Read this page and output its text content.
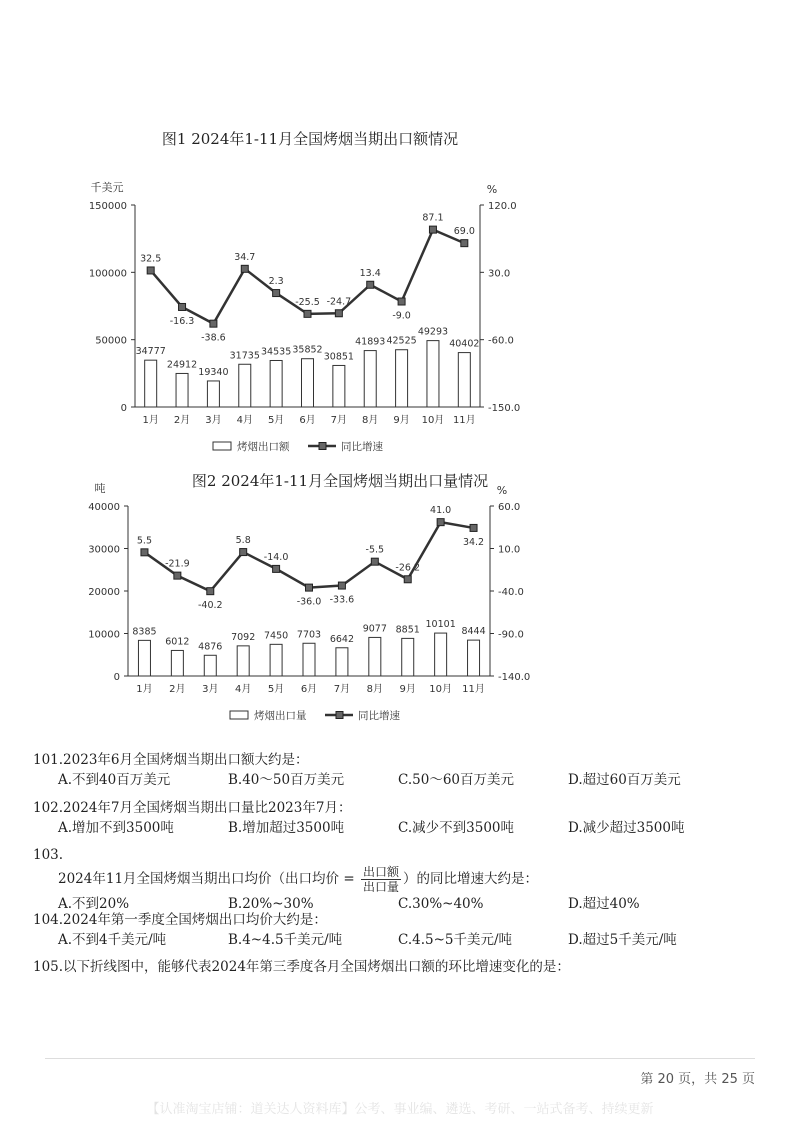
图1 2024年1-11月全国烤烟当期出口额情况
0
50000
100000
150000
-150.0
-60.0
30.0
120.0
千美元	%
34777
1月
24912
2月
19340
3月
31735
4月
34535
5月
35852
6月
30851
7月
41893
8月
42525
9月
49293
10月
40402
11月
32.5
-16.3
-38.6
34.7
2.3
-25.5 -24.7
13.4
-9.0
87.1
69.0
烤烟出口额	同比增速
图2 2024年1-11月全国烤烟当期出口量情况
0
10000
20000
30000
40000
-140.0
-90.0
-40.0
10.0
60.0
吨	%
8385
1月
6012
2月
4876
3月
7092
4月
7450
5月
7703
6月
6642
7月
9077
8月
8851
9月
10101
10月
8444
11月
5.5
-21.9
-40.2
5.8
-14.0
-36.0 -33.6
-5.5
-26.2
41.0
34.2
烤烟出口量	同比增速
101.2023年6月全国烤烟当期出口额大约是：
A.不到40百万美元	B.40～50百万美元	C.50～60百万美元	D.超过60百万美元
102.2024年7月全国烤烟当期出口量比2023年7月：
A.增加不到3500吨	B.增加超过3500吨	C.减少不到3500吨	D.减少超过3500吨
103.
2024年11月全国烤烟当期出口均价（出口均价 = $\frac{\text{出口额}}{\text{出口量}}$ ）的同比增速大约是：
A.不到20%	B.20%~30%	C.30%~40%	D.超过40%
104.2024年第一季度全国烤烟出口均价大约是：
A.不到4千美元/吨	B.4~4.5千美元/吨	C.4.5~5千美元/吨	D.超过5千美元/吨
105.以下折线图中，能够代表2024年第三季度各月全国烤烟出口额的环比增速变化的是：
第 20 页，共 25 页
【认准淘宝店铺：道关达人资料库】公考、事业编、遴选、考研、一站式备考、持续更新
